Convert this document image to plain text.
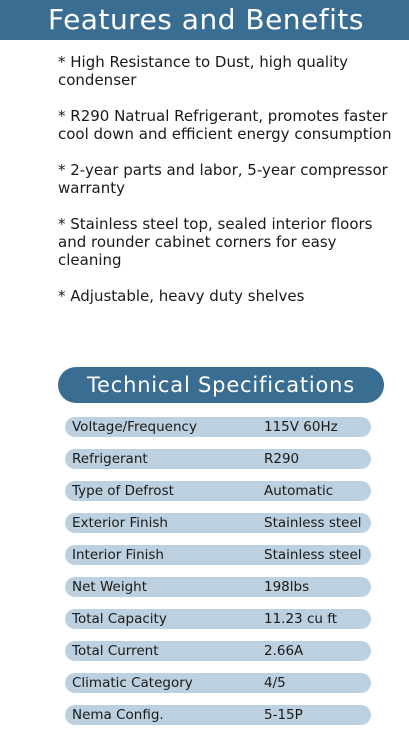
Features and Benefits
* High Resistance to Dust, high quality condenser
* R290 Natrual Refrigerant, promotes faster cool down and efficient energy consumption
* 2-year parts and labor, 5-year compressor warranty
* Stainless steel top, sealed interior floors and rounder cabinet corners for easy cleaning
* Adjustable, heavy duty shelves
Technical Specifications
Voltage/Frequency	115V 60Hz
Refrigerant	R290
Type of Defrost	Automatic
Exterior Finish	Stainless steel
Interior Finish	Stainless steel
Net Weight	198lbs
Total Capacity	11.23 cu ft
Total Current	2.66A
Climatic Category	4/5
Nema Config.	5-15P
